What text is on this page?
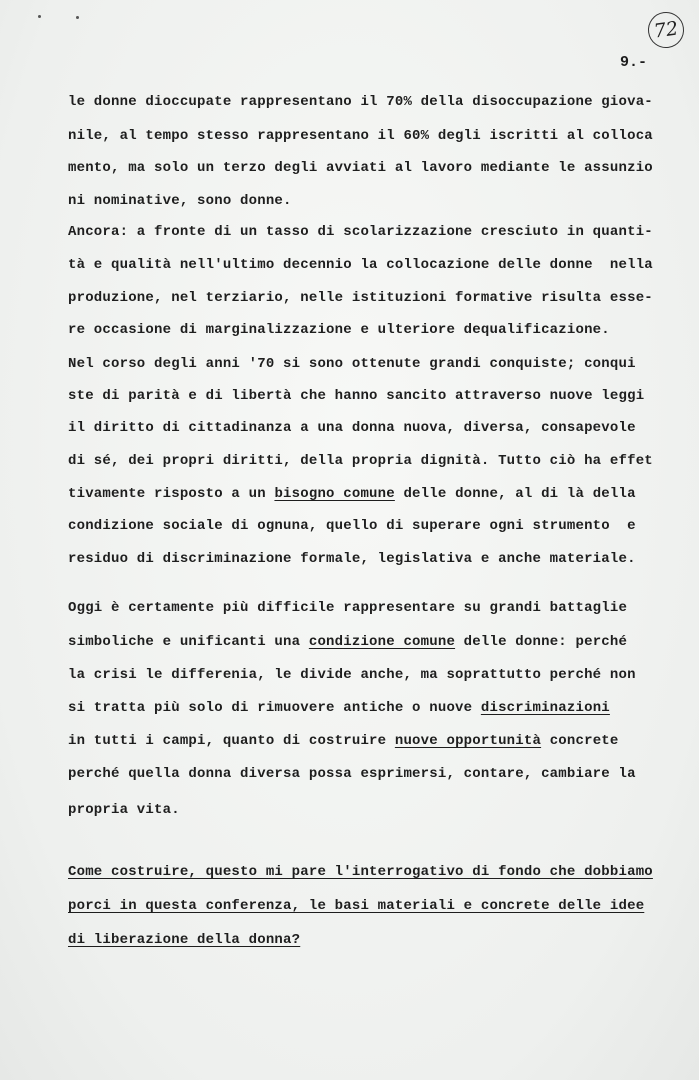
72
9.-
le donne dioccupate rappresentano il 70% della disoccupazione giova-
nile, al tempo stesso rappresentano il 60% degli iscritti al colloca
mento, ma solo un terzo degli avviati al lavoro mediante le assunzio
ni nominative, sono donne.
Ancora: a fronte di un tasso di scolarizzazione cresciuto in quanti-
tà e qualità nell'ultimo decennio la collocazione delle donne  nella
produzione, nel terziario, nelle istituzioni formative risulta esse-
re occasione di marginalizzazione e ulteriore dequalificazione.
Nel corso degli anni '70 si sono ottenute grandi conquiste; conqui
ste di parità e di libertà che hanno sancito attraverso nuove leggi
il diritto di cittadinanza a una donna nuova, diversa, consapevole
di sé, dei propri diritti, della propria dignità. Tutto ciò ha effet
tivamente risposto a un bisogno comune delle donne, al di là della
condizione sociale di ognuna, quello di superare ogni strumento  e
residuo di discriminazione formale, legislativa e anche materiale.
Oggi è certamente più difficile rappresentare su grandi battaglie
simboliche e unificanti una condizione comune delle donne: perché
la crisi le differenia, le divide anche, ma soprattutto perché non
si tratta più solo di rimuovere antiche o nuove discriminazioni
in tutti i campi, quanto di costruire nuove opportunità concrete
perché quella donna diversa possa esprimersi, contare, cambiare la
propria vita.
Come costruire, questo mi pare l'interrogativo di fondo che dobbiamo
porci in questa conferenza, le basi materiali e concrete delle idee
di liberazione della donna?
